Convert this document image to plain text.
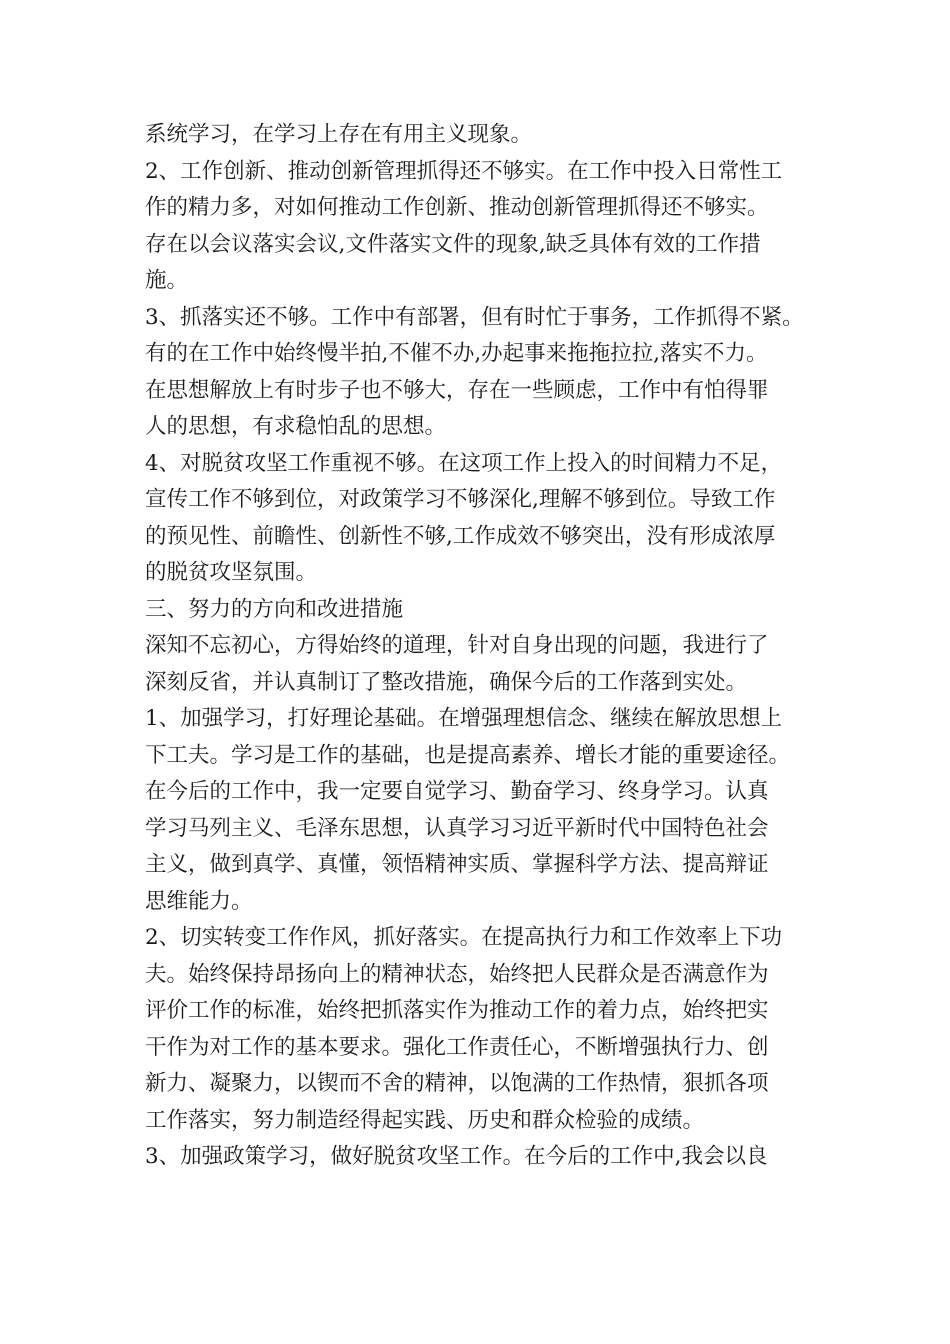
系统学习，在学习上存在有用主义现象。
2、工作创新、推动创新管理抓得还不够实。在工作中投入日常性工
作的精力多，对如何推动工作创新、推动创新管理抓得还不够实。
存在以会议落实会议,文件落实文件的现象,缺乏具体有效的工作措
施。
3、抓落实还不够。工作中有部署，但有时忙于事务，工作抓得不紧。
有的在工作中始终慢半拍,不催不办,办起事来拖拖拉拉,落实不力。
在思想解放上有时步子也不够大，存在一些顾虑，工作中有怕得罪
人的思想，有求稳怕乱的思想。
4、对脱贫攻坚工作重视不够。在这项工作上投入的时间精力不足，
宣传工作不够到位，对政策学习不够深化,理解不够到位。导致工作
的预见性、前瞻性、创新性不够,工作成效不够突出，没有形成浓厚
的脱贫攻坚氛围。
三、努力的方向和改进措施
深知不忘初心，方得始终的道理，针对自身出现的问题，我进行了
深刻反省，并认真制订了整改措施，确保今后的工作落到实处。
1、加强学习，打好理论基础。在增强理想信念、继续在解放思想上
下工夫。学习是工作的基础，也是提高素养、增长才能的重要途径。
在今后的工作中，我一定要自觉学习、勤奋学习、终身学习。认真
学习马列主义、毛泽东思想，认真学习习近平新时代中国特色社会
主义，做到真学、真懂，领悟精神实质、掌握科学方法、提高辩证
思维能力。
2、切实转变工作作风，抓好落实。在提高执行力和工作效率上下功
夫。始终保持昂扬向上的精神状态，始终把人民群众是否满意作为
评价工作的标准，始终把抓落实作为推动工作的着力点，始终把实
干作为对工作的基本要求。强化工作责任心，不断增强执行力、创
新力、凝聚力，以锲而不舍的精神，以饱满的工作热情，狠抓各项
工作落实，努力制造经得起实践、历史和群众检验的成绩。
3、加强政策学习，做好脱贫攻坚工作。在今后的工作中,我会以良
